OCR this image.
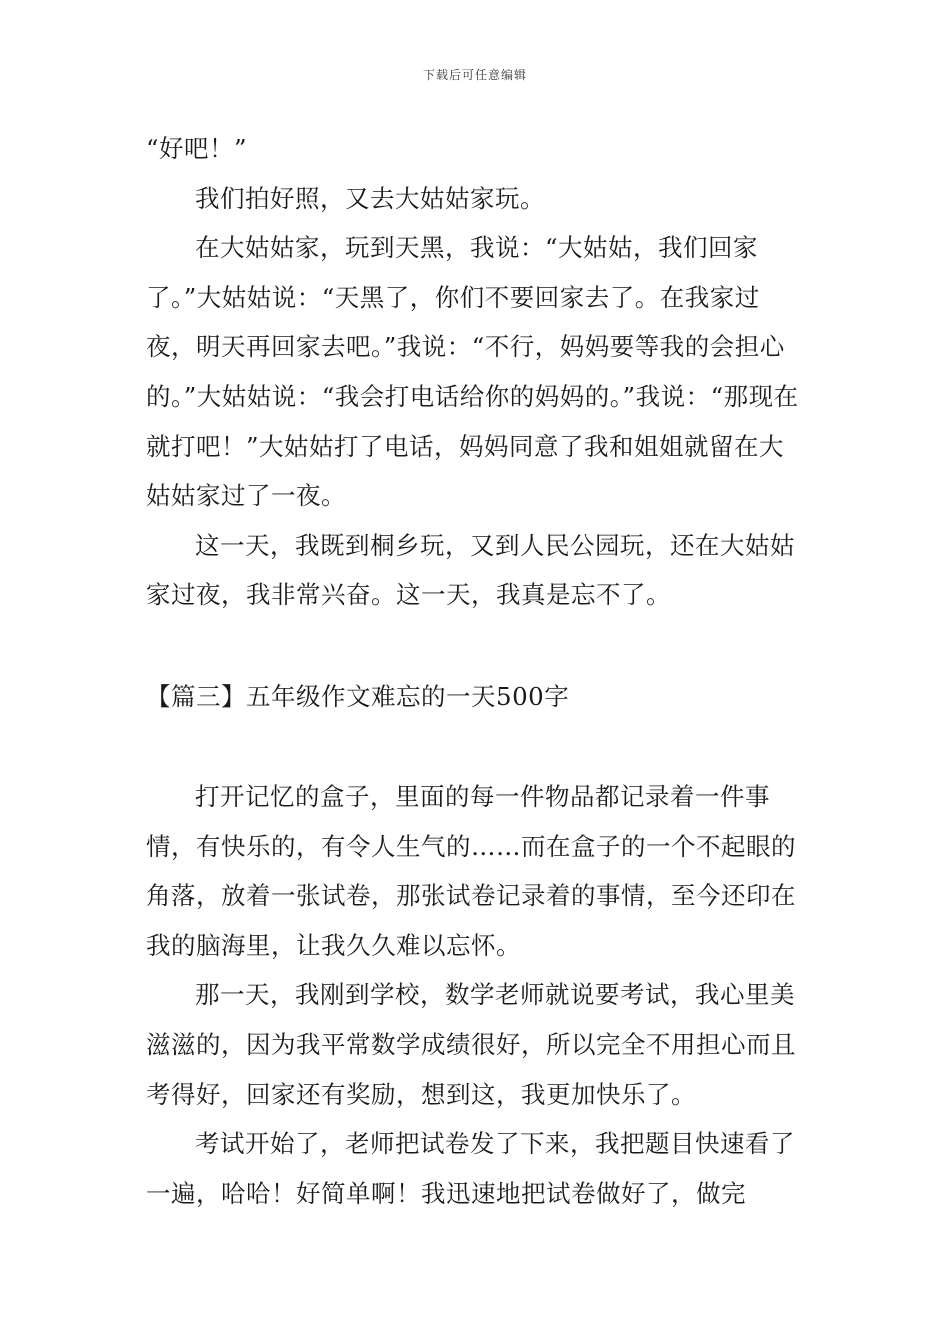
下载后可任意编辑

“好吧！”

我们拍好照，又去大姑姑家玩。

在大姑姑家，玩到天黑，我说：“大姑姑，我们回家了。”大姑姑说：“天黑了，你们不要回家去了。在我家过夜，明天再回家去吧。”我说：“不行，妈妈要等我的会担心的。”大姑姑说：“我会打电话给你的妈妈的。”我说：“那现在就打吧！”大姑姑打了电话，妈妈同意了我和姐姐就留在大姑姑家过了一夜。

这一天，我既到桐乡玩，又到人民公园玩，还在大姑姑家过夜，我非常兴奋。这一天，我真是忘不了。

【篇三】五年级作文难忘的一天500字

打开记忆的盒子，里面的每一件物品都记录着一件事情，有快乐的，有令人生气的……而在盒子的一个不起眼的角落，放着一张试卷，那张试卷记录着的事情，至今还印在我的脑海里，让我久久难以忘怀。

那一天，我刚到学校，数学老师就说要考试，我心里美滋滋的，因为我平常数学成绩很好，所以完全不用担心而且考得好，回家还有奖励，想到这，我更加快乐了。

考试开始了，老师把试卷发了下来，我把题目快速看了一遍，哈哈！好简单啊！我迅速地把试卷做好了，做完
